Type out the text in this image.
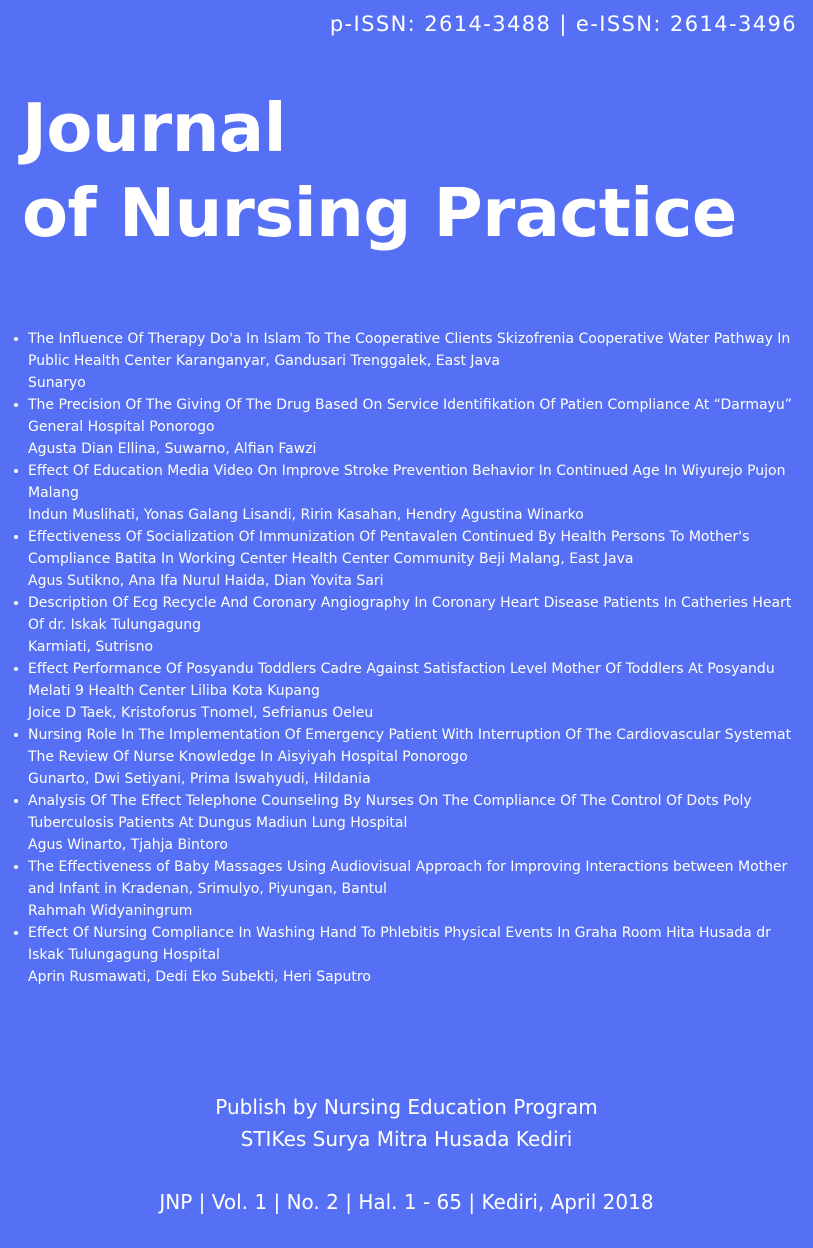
p-ISSN: 2614-3488 | e-ISSN: 2614-3496
Journal
of Nursing Practice
The Influence Of Therapy Do'a In Islam To The Cooperative Clients Skizofrenia Cooperative Water Pathway In Public Health Center Karanganyar, Gandusari Trenggalek, East Java
Sunaryo
The Precision Of The Giving Of The Drug Based On Service Identifikation Of Patien Compliance At “Darmayu” General Hospital Ponorogo
Agusta Dian Ellina, Suwarno, Alfian Fawzi
Effect Of Education Media Video On Improve Stroke Prevention Behavior In Continued Age In Wiyurejo Pujon Malang
Indun Muslihati, Yonas Galang Lisandi, Ririn Kasahan, Hendry Agustina Winarko
Effectiveness Of Socialization Of Immunization Of Pentavalen Continued By Health Persons To Mother's Compliance Batita In Working Center Health Center Community Beji Malang, East Java
Agus Sutikno, Ana Ifa Nurul Haida, Dian Yovita Sari
Description Of Ecg Recycle And Coronary Angiography In Coronary Heart Disease Patients In Catheries Heart Of dr. Iskak Tulungagung
Karmiati, Sutrisno
Effect Performance Of Posyandu Toddlers Cadre Against Satisfaction Level Mother Of Toddlers At Posyandu Melati 9 Health Center Liliba Kota Kupang
Joice D Taek, Kristoforus Tnomel, Sefrianus Oeleu
Nursing Role In The Implementation Of Emergency Patient With Interruption Of The Cardiovascular Systemat The Review Of Nurse Knowledge In Aisyiyah Hospital Ponorogo
Gunarto, Dwi Setiyani, Prima Iswahyudi, Hildania
Analysis Of The Effect Telephone Counseling By Nurses On The Compliance Of The Control Of Dots Poly Tuberculosis Patients At Dungus Madiun Lung Hospital
Agus Winarto, Tjahja Bintoro
The Effectiveness of Baby Massages Using Audiovisual Approach for Improving Interactions between Mother and Infant in Kradenan, Srimulyo, Piyungan, Bantul
Rahmah Widyaningrum
Effect Of Nursing Compliance In Washing Hand To Phlebitis Physical Events In Graha Room Hita Husada dr Iskak Tulungagung Hospital
Aprin Rusmawati, Dedi Eko Subekti, Heri Saputro
Publish by Nursing Education Program
STIKes Surya Mitra Husada Kediri
JNP | Vol. 1 | No. 2 | Hal. 1 - 65 | Kediri, April 2018
